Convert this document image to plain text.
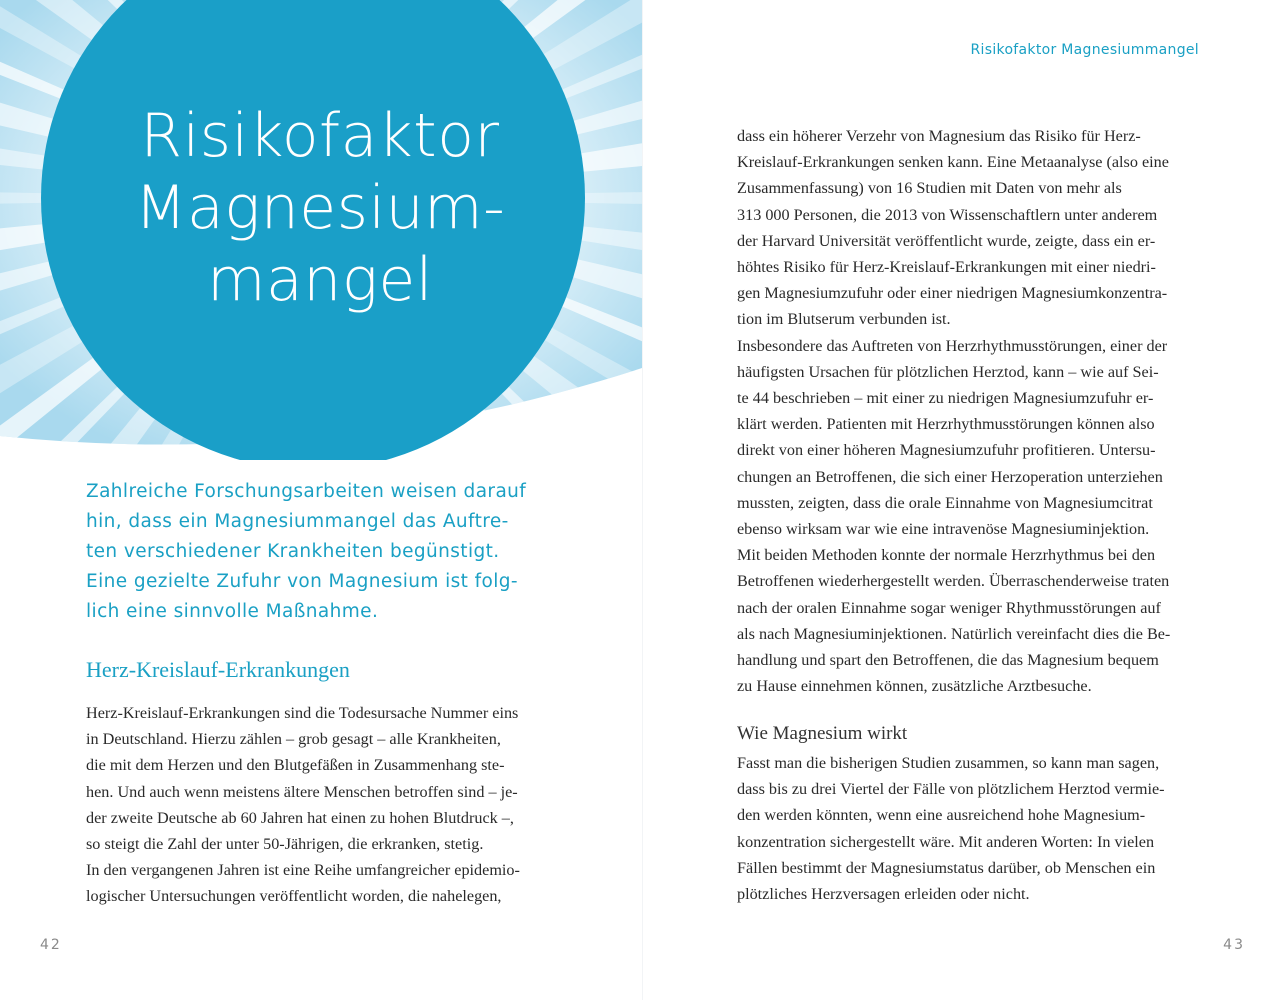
Risikofaktor
Magnesium-
mangel

Zahlreiche Forschungsarbeiten weisen darauf
hin, dass ein Magnesiummangel das Auftre-
ten verschiedener Krankheiten begünstigt.
Eine gezielte Zufuhr von Magnesium ist folg-
lich eine sinnvolle Maßnahme.

Herz-Kreislauf-Erkrankungen

Herz-Kreislauf-Erkrankungen sind die Todesursache Nummer eins
in Deutschland. Hierzu zählen – grob gesagt – alle Krankheiten,
die mit dem Herzen und den Blutgefäßen in Zusammenhang ste-
hen. Und auch wenn meistens ältere Menschen betroffen sind – je-
der zweite Deutsche ab 60 Jahren hat einen zu hohen Blutdruck –,
so steigt die Zahl der unter 50-Jährigen, die erkranken, stetig.
In den vergangenen Jahren ist eine Reihe umfangreicher epidemio-
logischer Untersuchungen veröffentlicht worden, die nahelegen,

42
Risikofaktor Magnesiummangel

dass ein höherer Verzehr von Magnesium das Risiko für Herz-
Kreislauf-Erkrankungen senken kann. Eine Metaanalyse (also eine
Zusammenfassung) von 16 Studien mit Daten von mehr als
313 000 Personen, die 2013 von Wissenschaftlern unter anderem
der Harvard Universität veröffentlicht wurde, zeigte, dass ein er-
höhtes Risiko für Herz-Kreislauf-Erkrankungen mit einer niedri-
gen Magnesiumzufuhr oder einer niedrigen Magnesiumkonzentra-
tion im Blutserum verbunden ist.
Insbesondere das Auftreten von Herzrhythmusstörungen, einer der
häufigsten Ursachen für plötzlichen Herztod, kann – wie auf Sei-
te 44 beschrieben – mit einer zu niedrigen Magnesiumzufuhr er-
klärt werden. Patienten mit Herzrhythmusstörungen können also
direkt von einer höheren Magnesiumzufuhr profitieren. Untersu-
chungen an Betroffenen, die sich einer Herzoperation unterziehen
mussten, zeigten, dass die orale Einnahme von Magnesiumcitrat
ebenso wirksam war wie eine intravenöse Magnesiuminjektion.
Mit beiden Methoden konnte der normale Herzrhythmus bei den
Betroffenen wiederhergestellt werden. Überraschenderweise traten
nach der oralen Einnahme sogar weniger Rhythmusstörungen auf
als nach Magnesiuminjektionen. Natürlich vereinfacht dies die Be-
handlung und spart den Betroffenen, die das Magnesium bequem
zu Hause einnehmen können, zusätzliche Arztbesuche.

Wie Magnesium wirkt

Fasst man die bisherigen Studien zusammen, so kann man sagen,
dass bis zu drei Viertel der Fälle von plötzlichem Herztod vermie-
den werden könnten, wenn eine ausreichend hohe Magnesium-
konzentration sichergestellt wäre. Mit anderen Worten: In vielen
Fällen bestimmt der Magnesiumstatus darüber, ob Menschen ein
plötzliches Herzversagen erleiden oder nicht.

43
